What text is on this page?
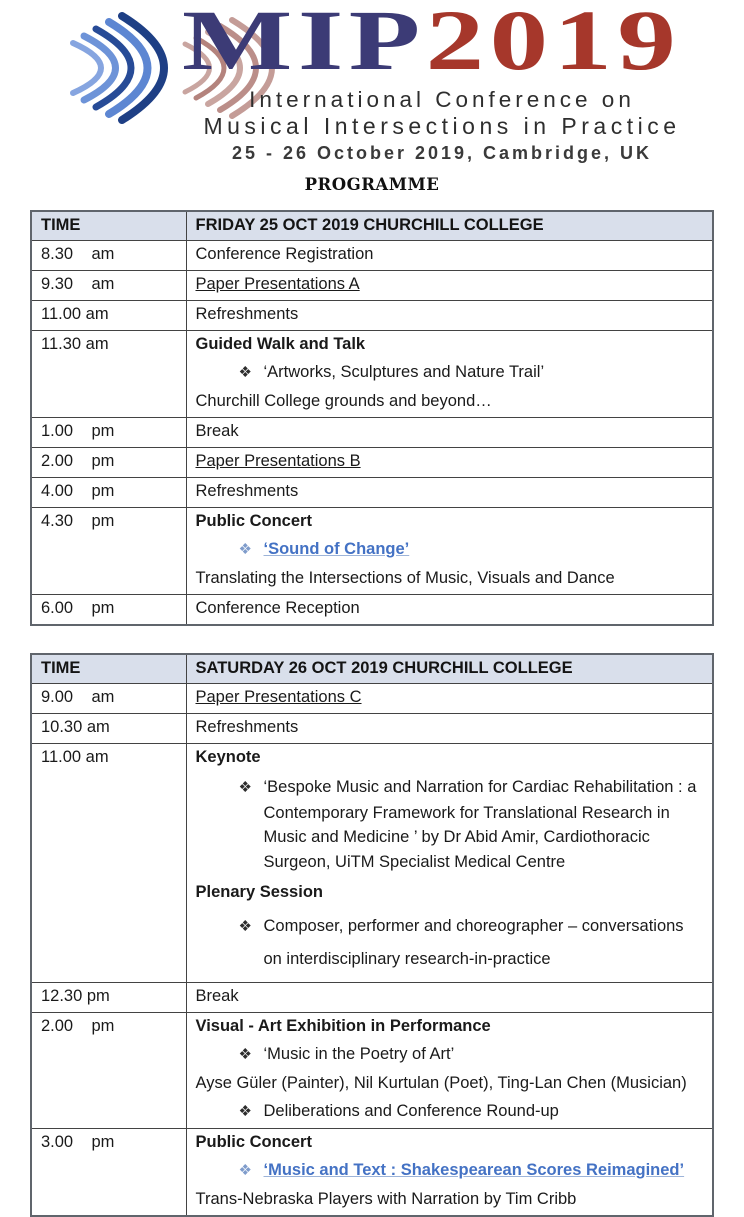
MIP2019
International Conference on
Musical Intersections in Practice
25 - 26 October 2019, Cambridge, UK
PROGRAMME
TIME	FRIDAY 25 OCT 2019 CHURCHILL COLLEGE
8.30    am	Conference Registration

9.30    am	Paper Presentations A

11.00 am	Refreshments

11.30 am	Guided Walk and Talk

❖ ‘Artworks, Sculptures and Nature Trail’

Churchill College grounds and beyond…

1.00    pm	Break

2.00    pm	Paper Presentations B

4.00    pm	Refreshments

4.30    pm	Public Concert

❖ ‘Sound of Change’

Translating the Intersections of Music, Visuals and Dance

6.00    pm	Conference Reception

TIME	SATURDAY 26 OCT 2019 CHURCHILL COLLEGE
9.00    am	Paper Presentations C

10.30 am	Refreshments

11.00 am	Keynote

❖ ‘Bespoke Music and Narration for Cardiac Rehabilitation : a Contemporary Framework for Translational Research in Music and Medicine ’ by Dr Abid Amir, Cardiothoracic Surgeon, UiTM Specialist Medical Centre

Plenary Session

❖ Composer, performer and choreographer – conversations on interdisciplinary research-in-practice

12.30 pm	Break

2.00    pm	Visual - Art Exhibition in Performance

❖ ‘Music in the Poetry of Art’

Ayse Güler (Painter), Nil Kurtulan (Poet), Ting-Lan Chen (Musician)

❖ Deliberations and Conference Round-up

3.00    pm	Public Concert

❖ ‘Music and Text : Shakespearean Scores Reimagined’

Trans-Nebraska Players with Narration by Tim Cribb
